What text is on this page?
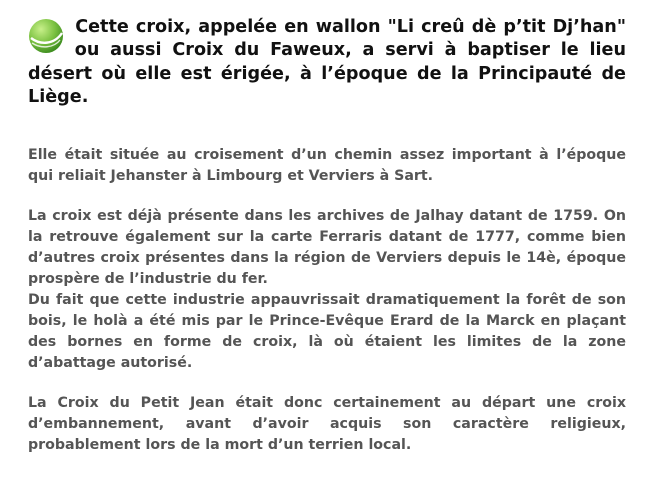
Cette croix, appelée en wallon "Li creû dè p’tit Dj’han" ou aussi Croix du Faweux, a servi à baptiser le lieu désert où elle est érigée, à l’époque de la Principauté de Liège.

Elle était située au croisement d’un chemin assez important à l’époque qui reliait Jehanster à Limbourg et Verviers à Sart.

La croix est déjà présente dans les archives de Jalhay datant de 1759. On la retrouve également sur la carte Ferraris datant de 1777, comme bien d’autres croix présentes dans la région de Verviers depuis le 14è, époque prospère de l’industrie du fer.

Du fait que cette industrie appauvrissait dramatiquement la forêt de son bois, le holà a été mis par le Prince-Evêque Erard de la Marck en plaçant des bornes en forme de croix, là où étaient les limites de la zone d’abattage autorisé.

La Croix du Petit Jean était donc certainement au départ une croix d’embannement, avant d’avoir acquis son caractère religieux, probablement lors de la mort d’un terrien local.
